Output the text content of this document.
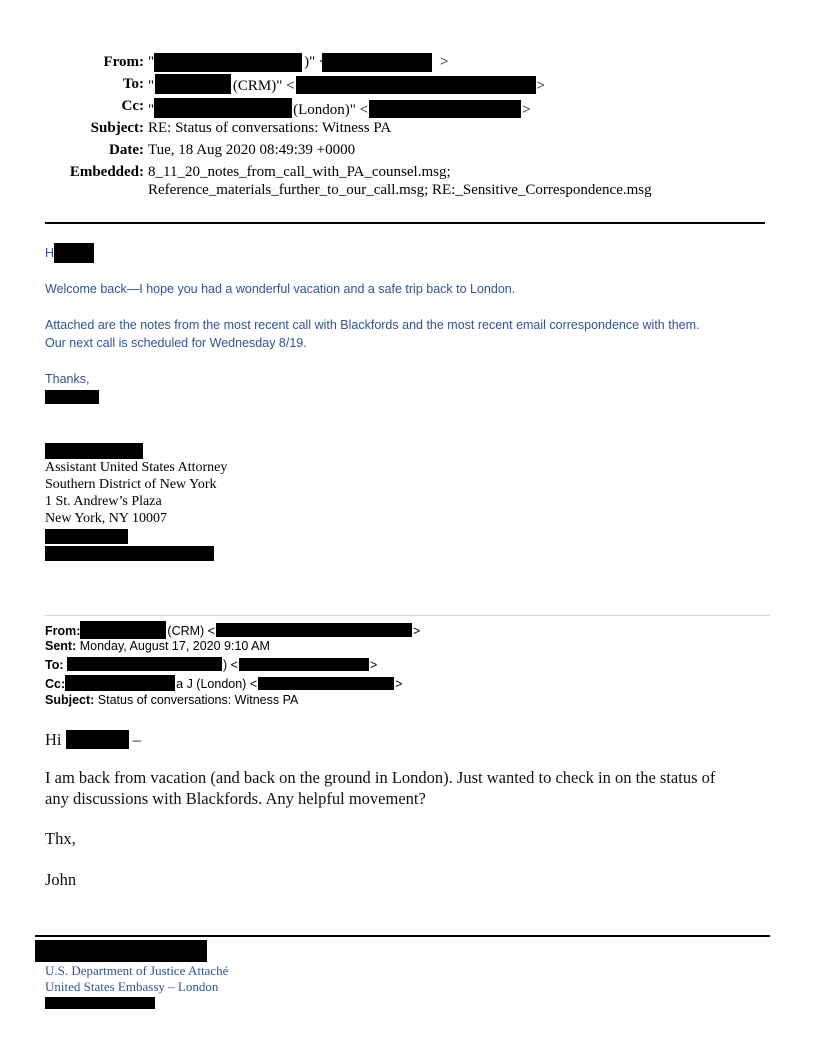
From: "                                        )" <                              >
To: "                     (CRM)" <	>
Cc: "	(London)" <	>
Subject: RE: Status of conversations: Witness PA
Date: Tue, 18 Aug 2020 08:49:39 +0000
Embedded: 8_11_20_notes_from_call_with_PA_counsel.msg;
Reference_materials_further_to_our_call.msg; RE:_Sensitive_Correspondence.msg
H
Welcome back—I hope you had a wonderful vacation and a safe trip back to London.
Attached are the notes from the most recent call with Blackfords and the most recent email correspondence with them.
Our next call is scheduled for Wednesday 8/19.
Thanks,
Assistant United States Attorney
Southern District of New York
1 St. Andrew’s Plaza
New York, NY 10007
From:	(CRM) <	>
Sent: Monday, August 17, 2020 9:10 AM
To:	) <	>
Cc:	a J (London) <	>
Subject: Status of conversations: Witness PA
Hi	–
I am back from vacation (and back on the ground in London). Just wanted to check in on the status of
any discussions with Blackfords. Any helpful movement?
Thx,
John
U.S. Department of Justice Attaché
United States Embassy – London
